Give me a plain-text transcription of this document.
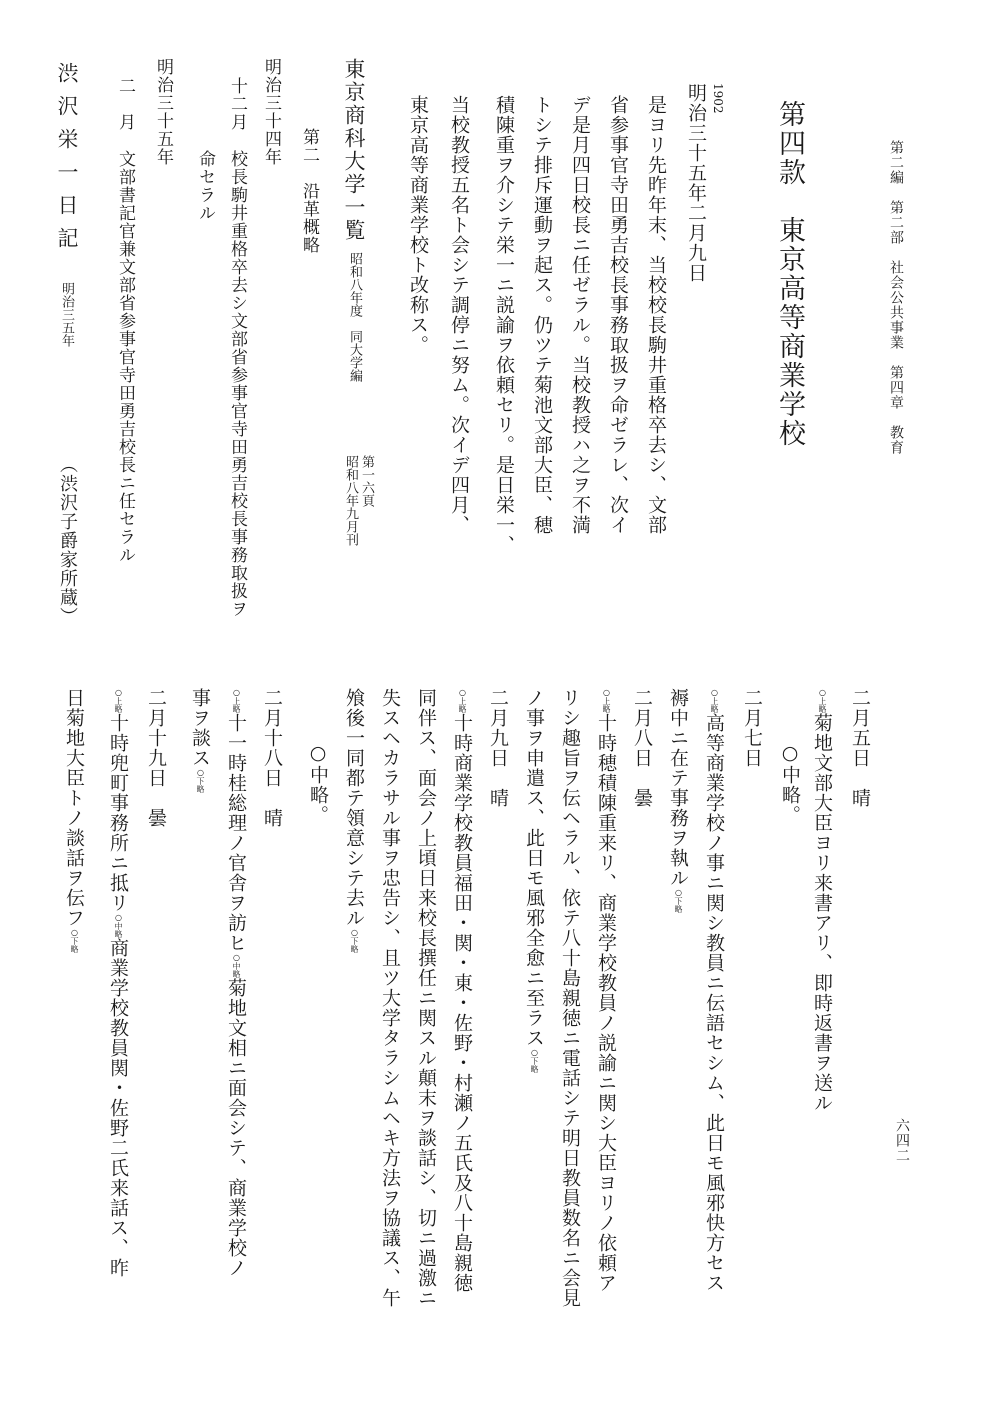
第二編　第二部　社会公共事業　第四章　教育
六四二
第四款　東京高等商業学校
1902
明治三十五年二月九日
是ヨリ先昨年末、当校校長駒井重格卒去シ、文部
省参事官寺田勇吉校長事務取扱ヲ命ゼラレ、次イ
デ是月四日校長ニ任ゼラル。当校教授ハ之ヲ不満
トシテ排斥運動ヲ起ス。仍ツテ菊池文部大臣、穂
積陳重ヲ介シテ栄一ニ説諭ヲ依頼セリ。是日栄一、
当校教授五名ト会シテ調停ニ努ム。次イデ四月、
東京高等商業学校ト改称ス。
東京商科大学一覧
昭和八年度　同大学編
第一六頁
昭和八年九月刊
第二　沿革概略
明治三十四年
十二月
校長駒井重格卒去シ文部省参事官寺田勇吉校長事務取扱ヲ
命セラル
明治三十五年
二　月
文部書記官兼文部省参事官寺田勇吉校長ニ任セラル
渋沢栄一日記
明治三五年
（渋沢子爵家所蔵）
二月五日　晴
○上略菊地文部大臣ヨリ来書アリ、即時返書ヲ送ル
　○中略。
二月七日
○上略高等商業学校ノ事ニ関シ教員ニ伝語セシム、此日モ風邪快方セス
褥中ニ在テ事務ヲ執ル○下略
二月八日　曇
○上略十時穂積陳重来リ、商業学校教員ノ説諭ニ関シ大臣ヨリノ依頼ア
リシ趣旨ヲ伝ヘラル、依テ八十島親徳ニ電話シテ明日教員数名ニ会見
ノ事ヲ申遣ス、此日モ風邪全愈ニ至ラス○下略
二月九日　晴
○上略十時商業学校教員福田・関・東・佐野・村瀬ノ五氏及八十島親徳
同伴ス、面会ノ上頃日来校長撰任ニ関スル顛末ヲ談話シ、切ニ過激ニ
失スヘカラサル事ヲ忠告シ、且ツ大学タラシムヘキ方法ヲ協議ス、午
飧後一同都テ領意シテ去ル○下略
　○中略。
二月十八日　晴
○上略十一時桂総理ノ官舎ヲ訪ヒ○中略菊地文相ニ面会シテ、商業学校ノ
事ヲ談ス○下略
二月十九日　曇
○上略十時兜町事務所ニ抵リ○中略商業学校教員関・佐野二氏来話ス、昨
日菊地大臣トノ談話ヲ伝フ○下略
